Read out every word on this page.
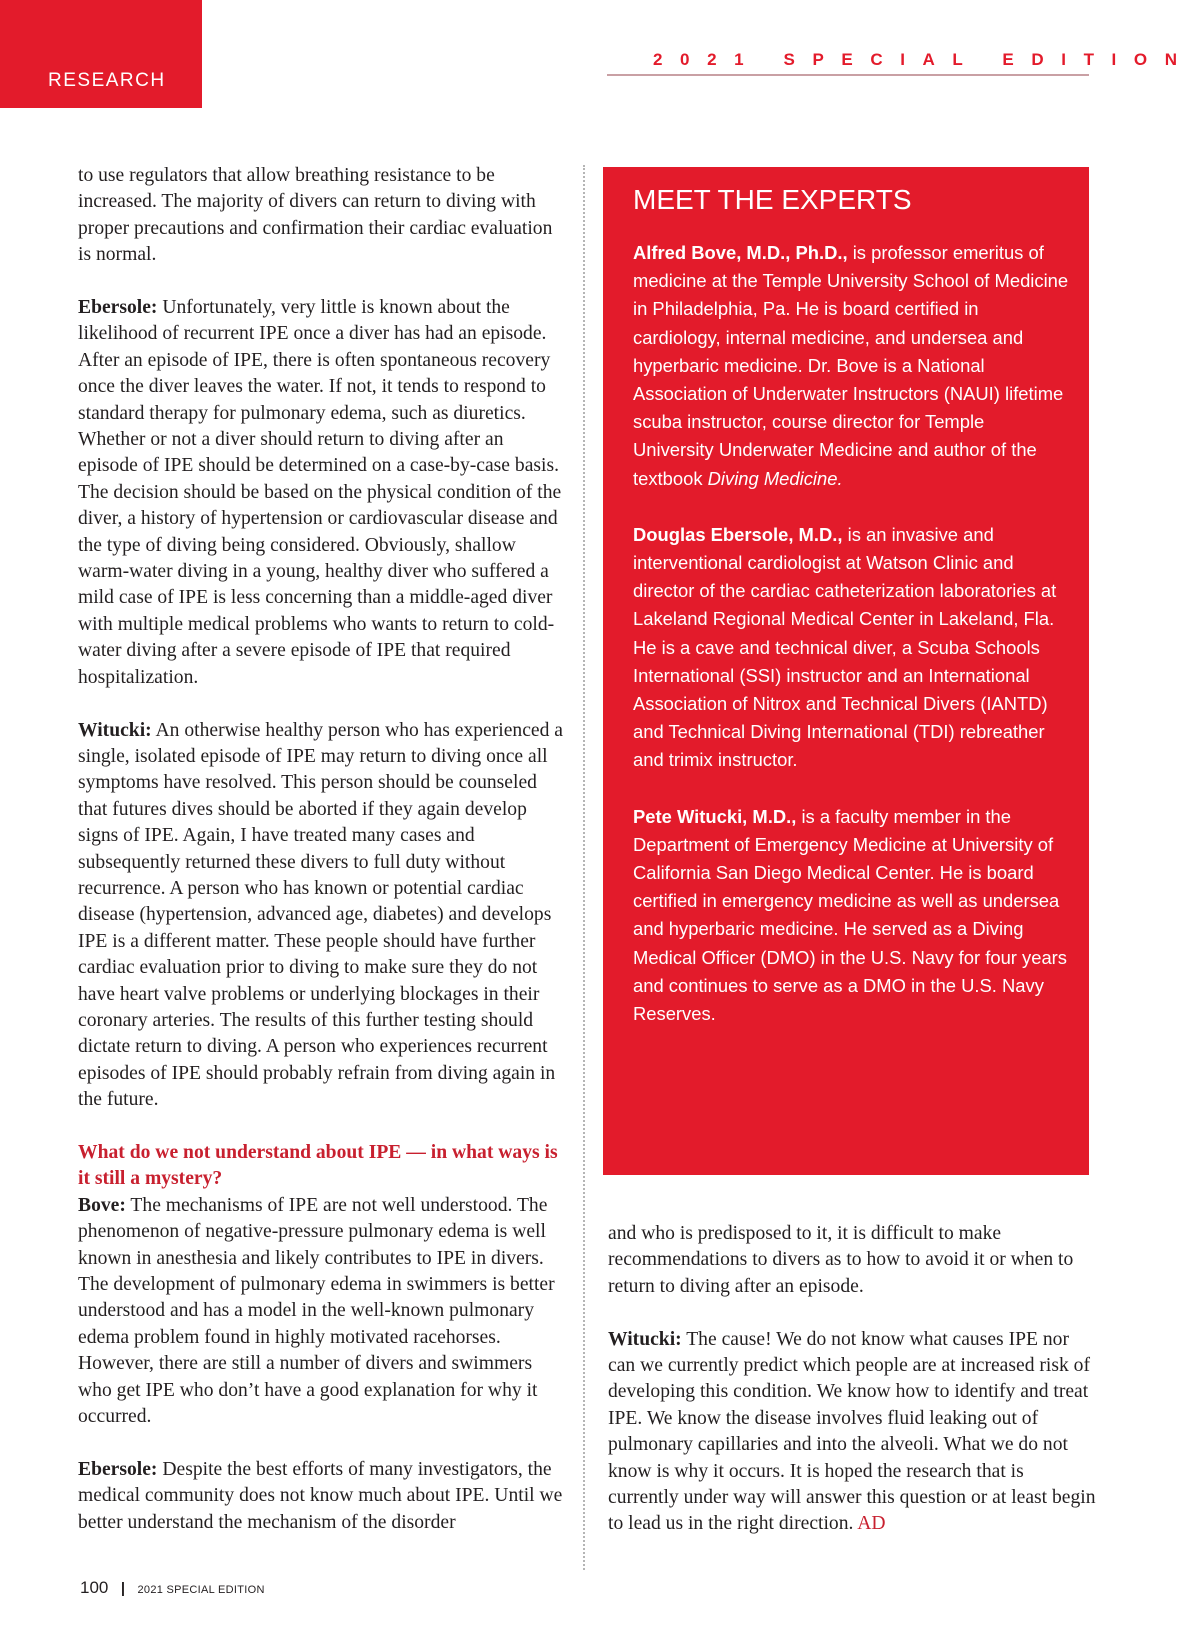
RESEARCH
2021 SPECIAL EDITION

to use regulators that allow breathing resistance to be increased. The majority of divers can return to diving with proper precautions and confirmation their cardiac evaluation is normal.

Ebersole: Unfortunately, very little is known about the likelihood of recurrent IPE once a diver has had an episode. After an episode of IPE, there is often spontaneous recovery once the diver leaves the water. If not, it tends to respond to standard therapy for pulmonary edema, such as diuretics. Whether or not a diver should return to diving after an episode of IPE should be determined on a case-by-case basis. The decision should be based on the physical condition of the diver, a history of hypertension or cardiovascular disease and the type of diving being considered. Obviously, shallow warm-water diving in a young, healthy diver who suffered a mild case of IPE is less concerning than a middle-aged diver with multiple medical problems who wants to return to cold-water diving after a severe episode of IPE that required hospitalization.

Witucki: An otherwise healthy person who has experienced a single, isolated episode of IPE may return to diving once all symptoms have resolved. This person should be counseled that futures dives should be aborted if they again develop signs of IPE. Again, I have treated many cases and subsequently returned these divers to full duty without recurrence. A person who has known or potential cardiac disease (hypertension, advanced age, diabetes) and develops IPE is a different matter. These people should have further cardiac evaluation prior to diving to make sure they do not have heart valve problems or underlying blockages in their coronary arteries. The results of this further testing should dictate return to diving. A person who experiences recurrent episodes of IPE should probably refrain from diving again in the future.

What do we not understand about IPE — in what ways is it still a mystery?

Bove: The mechanisms of IPE are not well understood. The phenomenon of negative-pressure pulmonary edema is well known in anesthesia and likely contributes to IPE in divers. The development of pulmonary edema in swimmers is better understood and has a model in the well-known pulmonary edema problem found in highly motivated racehorses. However, there are still a number of divers and swimmers who get IPE who don’t have a good explanation for why it occurred.

Ebersole: Despite the best efforts of many investigators, the medical community does not know much about IPE. Until we better understand the mechanism of the disorder

MEET THE EXPERTS

Alfred Bove, M.D., Ph.D., is professor emeritus of medicine at the Temple University School of Medicine in Philadelphia, Pa. He is board certified in cardiology, internal medicine, and undersea and hyperbaric medicine. Dr. Bove is a National Association of Underwater Instructors (NAUI) lifetime scuba instructor, course director for Temple University Underwater Medicine and author of the textbook Diving Medicine.

Douglas Ebersole, M.D., is an invasive and interventional cardiologist at Watson Clinic and director of the cardiac catheterization laboratories at Lakeland Regional Medical Center in Lakeland, Fla. He is a cave and technical diver, a Scuba Schools International (SSI) instructor and an International Association of Nitrox and Technical Divers (IANTD) and Technical Diving International (TDI) rebreather and trimix instructor.

Pete Witucki, M.D., is a faculty member in the Department of Emergency Medicine at University of California San Diego Medical Center. He is board certified in emergency medicine as well as undersea and hyperbaric medicine. He served as a Diving Medical Officer (DMO) in the U.S. Navy for four years and continues to serve as a DMO in the U.S. Navy Reserves.

and who is predisposed to it, it is difficult to make recommendations to divers as to how to avoid it or when to return to diving after an episode.

Witucki: The cause! We do not know what causes IPE nor can we currently predict which people are at increased risk of developing this condition. We know how to identify and treat IPE. We know the disease involves fluid leaking out of pulmonary capillaries and into the alveoli. What we do not know is why it occurs. It is hoped the research that is currently under way will answer this question or at least begin to lead us in the right direction. AD

100 | 2021 SPECIAL EDITION
